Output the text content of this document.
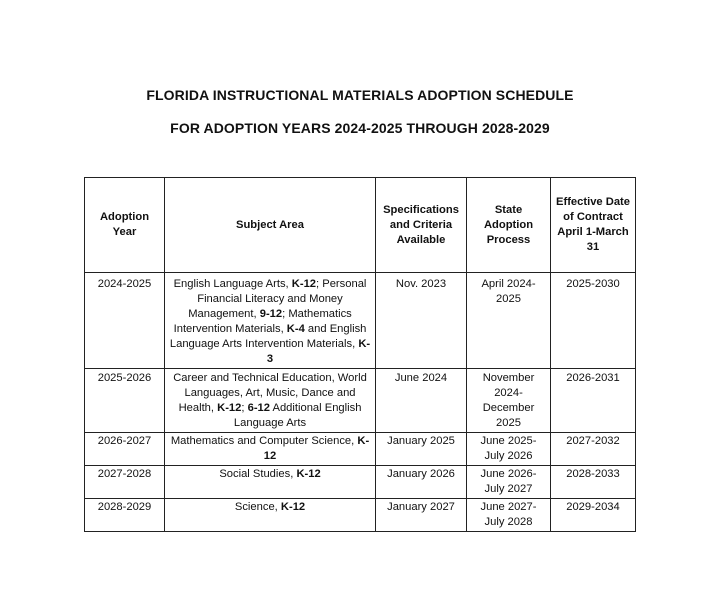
FLORIDA INSTRUCTIONAL MATERIALS ADOPTION SCHEDULE
FOR ADOPTION YEARS 2024-2025 THROUGH 2028-2029
Adoption Year	Subject Area	Specifications and Criteria Available	State Adoption Process	Effective Date of Contract April 1-March 31
2024-2025	English Language Arts, K-12; Personal Financial Literacy and Money Management, 9-12; Mathematics Intervention Materials, K-4 and English Language Arts Intervention Materials, K-3	Nov. 2023	April 2024-2025	2025-2030
2025-2026	Career and Technical Education, World Languages, Art, Music, Dance and Health, K-12; 6-12 Additional English Language Arts	June 2024	November 2024-December 2025	2026-2031
2026-2027	Mathematics and Computer Science, K-12	January 2025	June 2025-July 2026	2027-2032
2027-2028	Social Studies, K-12	January 2026	June 2026-July 2027	2028-2033
2028-2029	Science, K-12	January 2027	June 2027-July 2028	2029-2034
